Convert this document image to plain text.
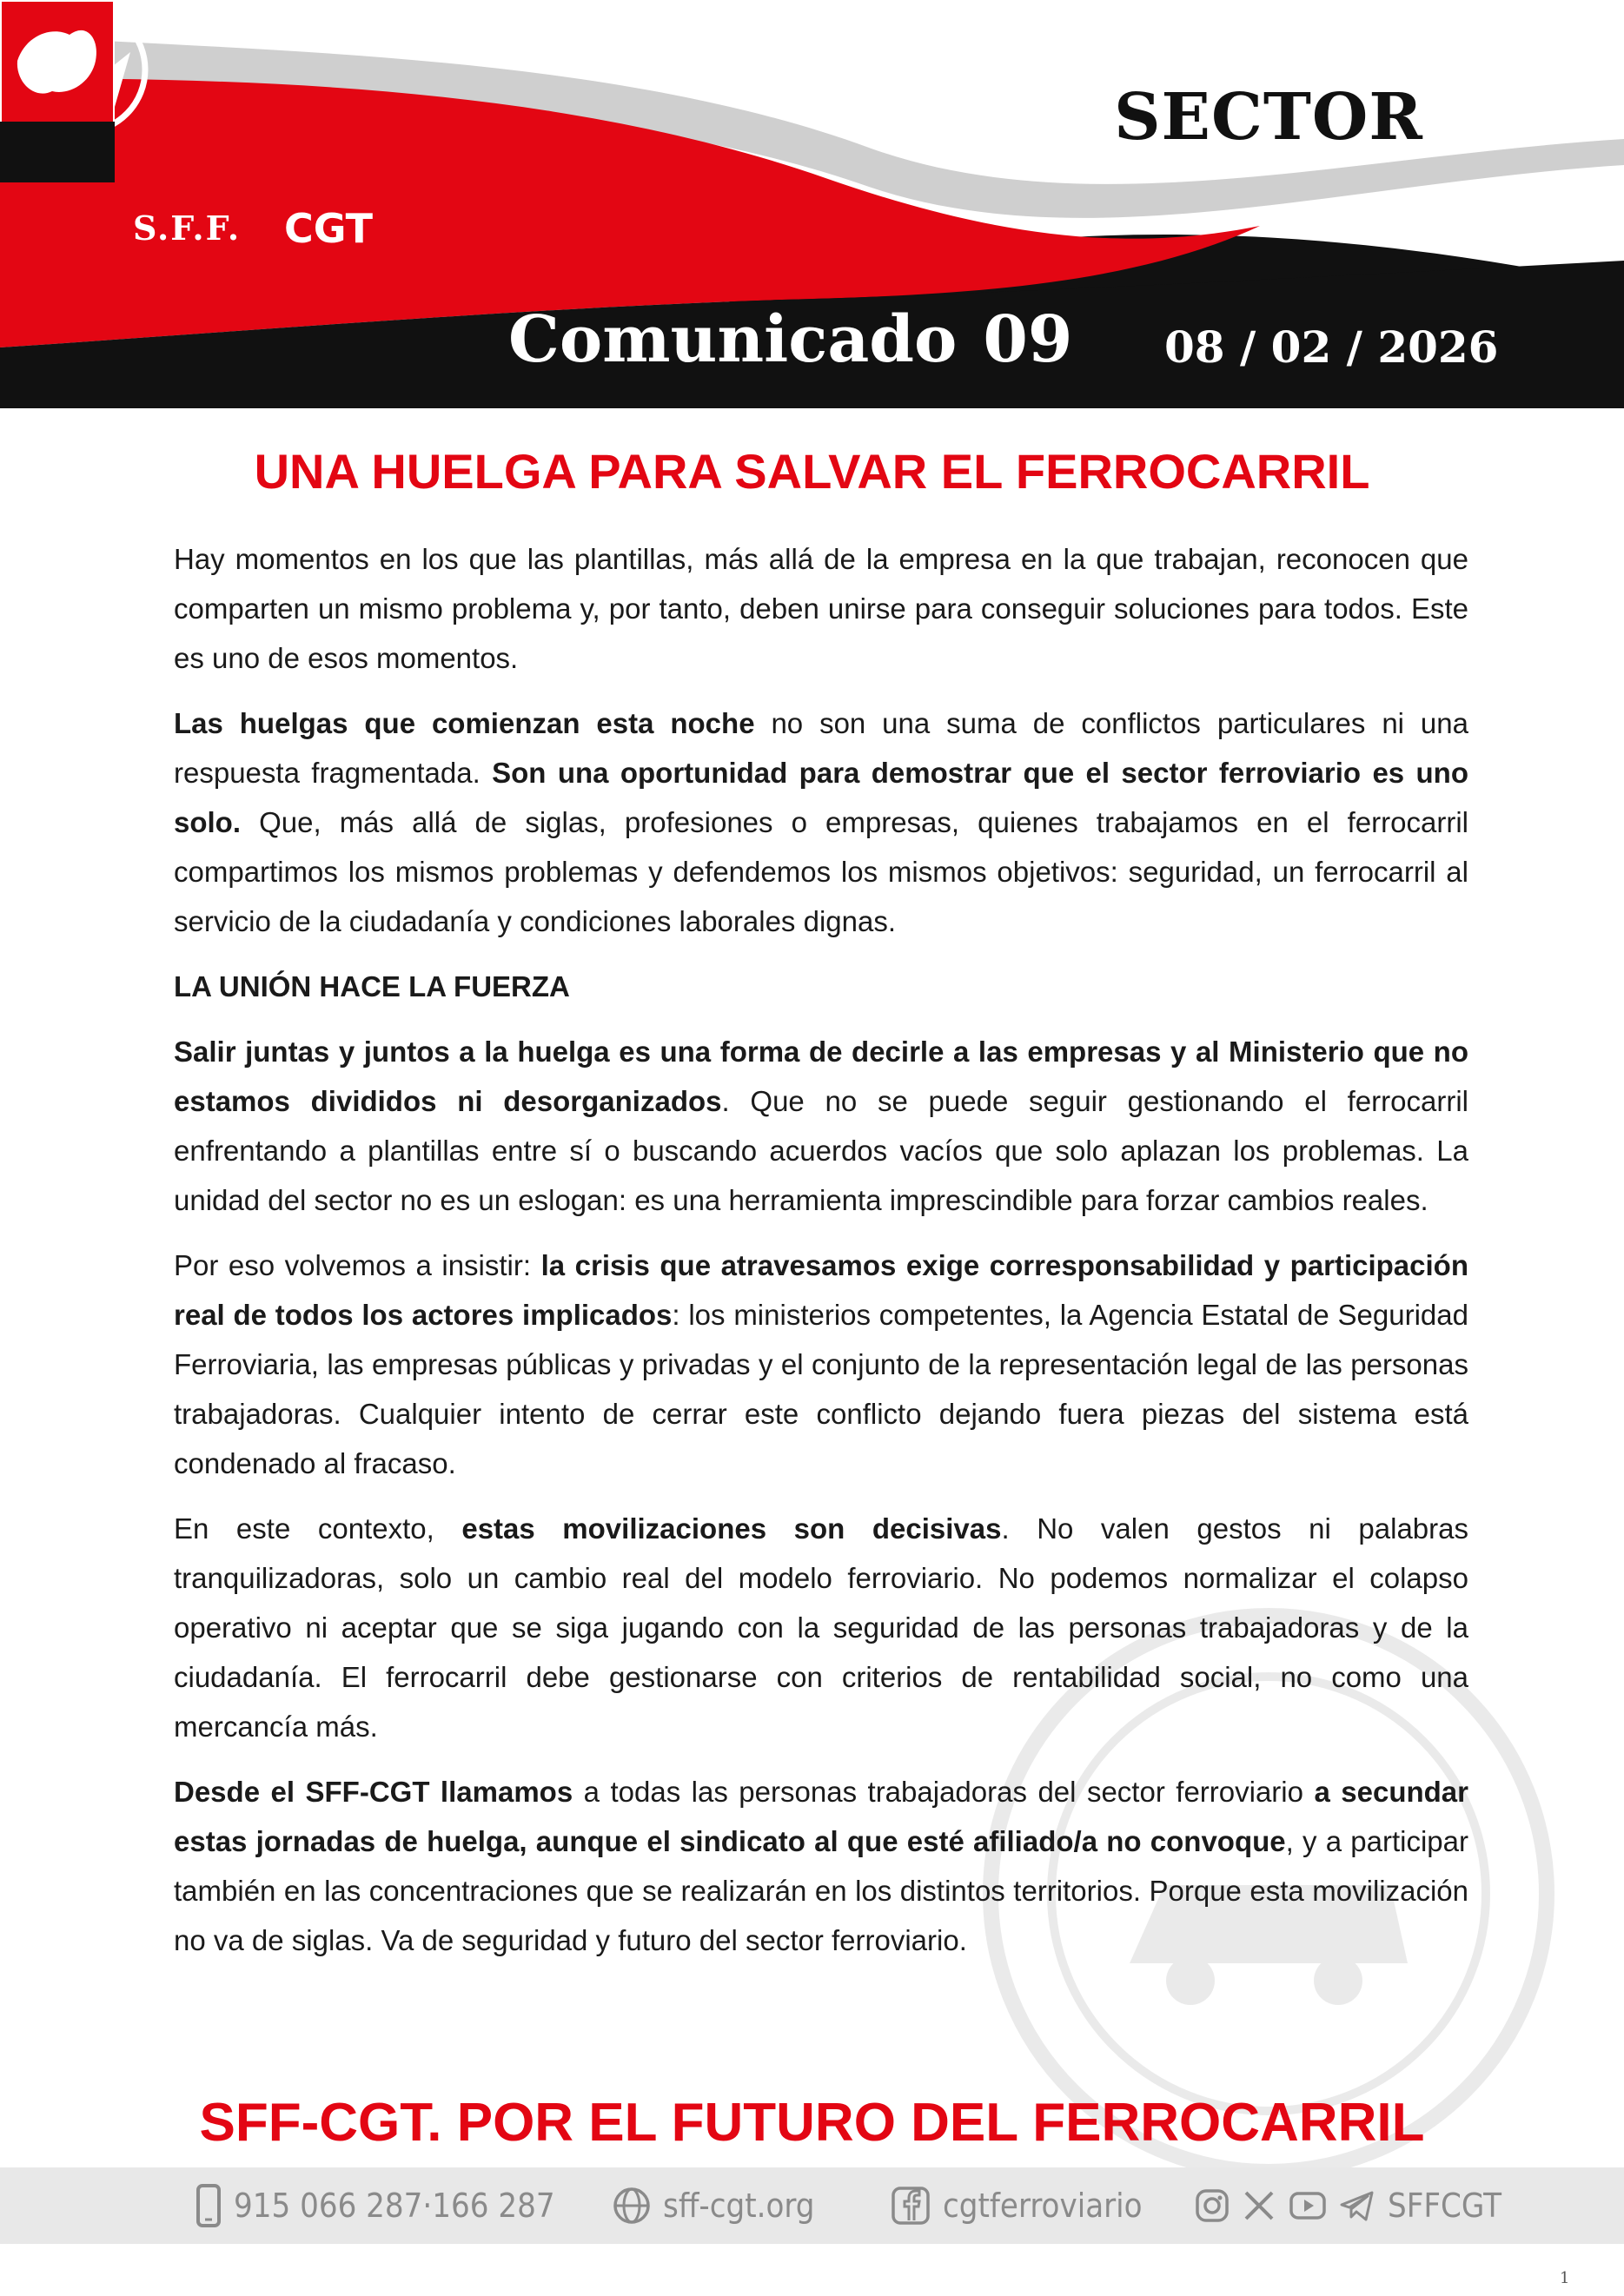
S.F.F.	CGT
SECTOR
Comunicado 09 08 / 02 / 2026
UNA HUELGA PARA SALVAR EL FERROCARRIL

Hay momentos en los que las plantillas, más allá de la empresa en la que trabajan, reconocen que comparten un mismo problema y, por tanto, deben unirse para conseguir soluciones para todos. Este es uno de esos momentos.

Las huelgas que comienzan esta noche no son una suma de conflictos particulares ni una respuesta fragmentada. Son una oportunidad para demostrar que el sector ferroviario es uno solo. Que, más allá de siglas, profesiones o empresas, quienes trabajamos en el ferrocarril compartimos los mismos problemas y defendemos los mismos objetivos: seguridad, un ferrocarril al servicio de la ciudadanía y condiciones laborales dignas.

LA UNIÓN HACE LA FUERZA

Salir juntas y juntos a la huelga es una forma de decirle a las empresas y al Ministerio que no estamos divididos ni desorganizados. Que no se puede seguir gestionando el ferrocarril enfrentando a plantillas entre sí o buscando acuerdos vacíos que solo aplazan los problemas. La unidad del sector no es un eslogan: es una herramienta imprescindible para forzar cambios reales.

Por eso volvemos a insistir: la crisis que atravesamos exige corresponsabilidad y participación real de todos los actores implicados: los ministerios competentes, la Agencia Estatal de Seguridad Ferroviaria, las empresas públicas y privadas y el conjunto de la representación legal de las personas trabajadoras. Cualquier intento de cerrar este conflicto dejando fuera piezas del sistema está condenado al fracaso.

En este contexto, estas movilizaciones son decisivas. No valen gestos ni palabras tranquilizadoras, solo un cambio real del modelo ferroviario. No podemos normalizar el colapso operativo ni aceptar que se siga jugando con la seguridad de las personas trabajadoras y de la ciudadanía. El ferrocarril debe gestionarse con criterios de rentabilidad social, no como una mercancía más.

Desde el SFF-CGT llamamos a todas las personas trabajadoras del sector ferroviario a secundar estas jornadas de huelga, aunque el sindicato al que esté afiliado/a no convoque, y a participar también en las concentraciones que se realizarán en los distintos territorios. Porque esta movilización no va de siglas. Va de seguridad y futuro del sector ferroviario.

SFF-CGT. POR EL FUTURO DEL FERROCARRIL
915 066 287·166 287	sff-cgt.org	cgtferroviario	SFFCGT
1
